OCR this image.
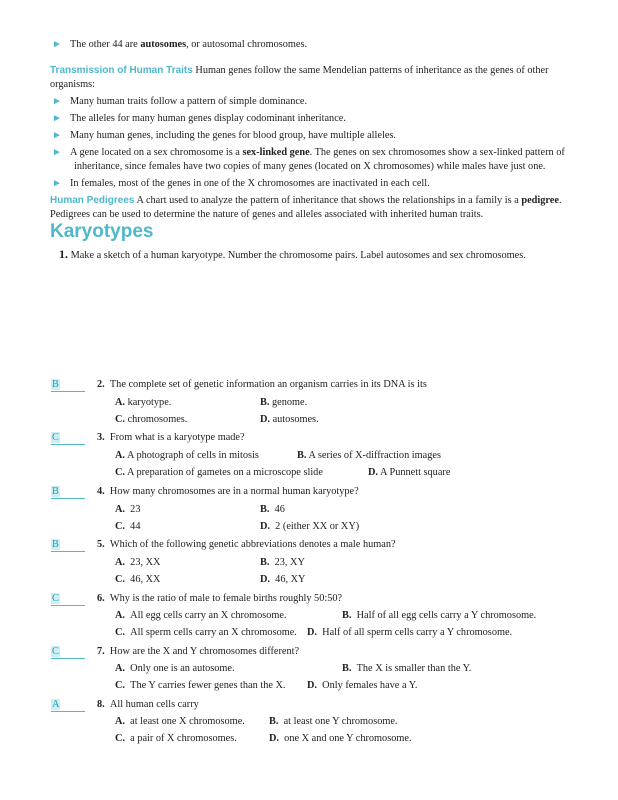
► The other 44 are autosomes, or autosomal chromosomes.
Transmission of Human Traits Human genes follow the same Mendelian patterns of inheritance as the genes of other
organisms:
► Many human traits follow a pattern of simple dominance.
► The alleles for many human genes display codominant inheritance.
► Many human genes, including the genes for blood group, have multiple alleles.
► A gene located on a sex chromosome is a sex-linked gene. The genes on sex chromosomes show a sex-linked pattern of
inheritance, since females have two copies of many genes (located on X chromosomes) while males have just one.
► In females, most of the genes in one of the X chromosomes are inactivated in each cell.
Human Pedigrees A chart used to analyze the pattern of inheritance that shows the relationships in a family is a pedigree.
Pedigrees can be used to determine the nature of genes and alleles associated with inherited human traits.
Karyotypes
1. Make a sketch of a human karyotype. Number the chromosome pairs. Label autosomes and sex chromosomes.
B	2. The complete set of genetic information an organism carries in its DNA is its
A. karyotype.	B. genome.
C. chromosomes.	D. autosomes.
C	3. From what is a karyotype made?
A. A photograph of cells in mitosis	B. A series of X-diffraction images
C. A preparation of gametes on a microscope slide	D. A Punnett square
B	4. How many chromosomes are in a normal human karyotype?
A. 23	B. 46
C. 44	D. 2 (either XX or XY)
B	5. Which of the following genetic abbreviations denotes a male human?
A. 23, XX	B. 23, XY
C. 46, XX	D. 46, XY
C	6. Why is the ratio of male to female births roughly 50:50?
A. All egg cells carry an X chromosome.	B. Half of all egg cells carry a Y chromosome.
C. All sperm cells carry an X chromosome. D. Half of all sperm cells carry a Y chromosome.
C	7. How are the X and Y chromosomes different?
A. Only one is an autosome.	B. The X is smaller than the Y.
C. The Y carries fewer genes than the X. D. Only females have a Y.
A	8. All human cells carry
A. at least one X chromosome. B. at least one Y chromosome.
C. a pair of X chromosomes.	D. one X and one Y chromosome.
